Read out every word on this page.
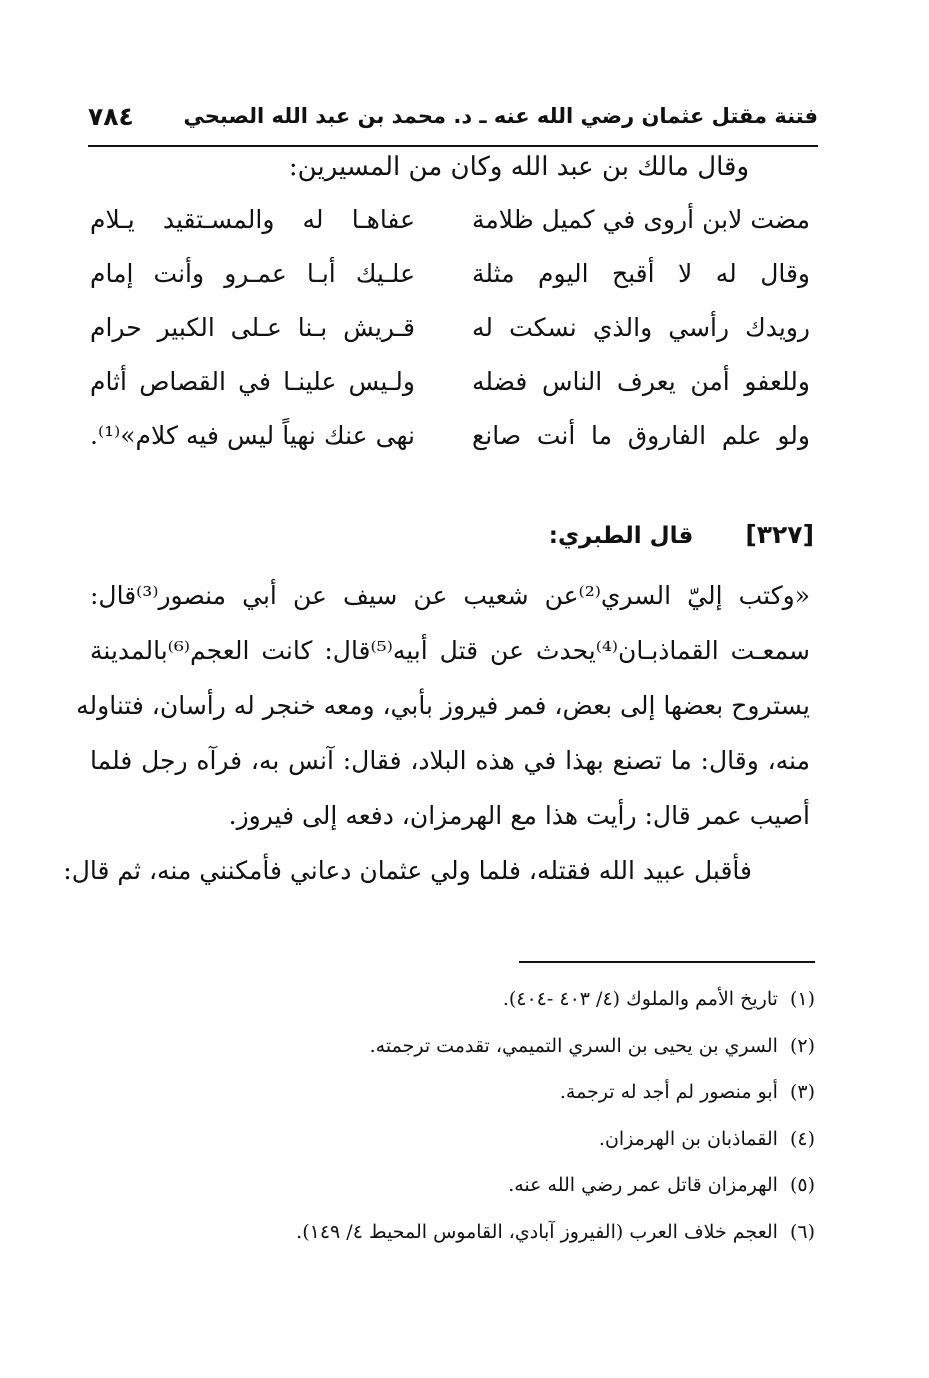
فتنة مقتل عثمان رضي الله عنه ـ د. محمد بن عبد الله الصبحي
٧٨٤
وقال مالك بن عبد الله وكان من المسيرين:
مضت لابن أروى في كميل ظلامة
عفاهـا له والمسـتقيد يـلام
وقال له لا أقبح اليوم مثلة
علـيك أبـا عمـرو وأنت إمام
رويدك رأسي والذي نسكت له
قـريش بـنا عـلى الكبير حرام
وللعفو أمن يعرف الناس فضله
ولـيس علينـا في القصاص أثام
ولو علم الفاروق ما أنت صانع
نهى عنك نهياً ليس فيه كلام»⁽¹⁾.
[٣٢٧]قال الطبري:
«وكتب إليّ السري⁽²⁾عن شعيب عن سيف عن أبي منصور⁽³⁾قال:
سمعـت القماذبـان⁽⁴⁾يحدث عن قتل أبيه⁽⁵⁾قال: كانت العجم⁽⁶⁾بالمدينة
يستروح بعضها إلى بعض، فمر فيروز بأبي، ومعه خنجر له رأسان، فتناوله
منه، وقال: ما تصنع بهذا في هذه البلاد، فقال: آنس به، فرآه رجل فلما
أصيب عمر قال: رأيت هذا مع الهرمزان، دفعه إلى فيروز.
فأقبل عبيد الله فقتله، فلما ولي عثمان دعاني فأمكنني منه، ثم قال:
(١)تاريخ الأمم والملوك (٤/ ٤٠٣ -٤٠٤).
(٢)السري بن يحيى بن السري التميمي، تقدمت ترجمته.
(٣)أبو منصور لم أجد له ترجمة.
(٤)القماذبان بن الهرمزان.
(٥)الهرمزان قاتل عمر رضي الله عنه.
(٦)العجم خلاف العرب (الفيروز آبادي، القاموس المحيط ٤/ ١٤٩).
